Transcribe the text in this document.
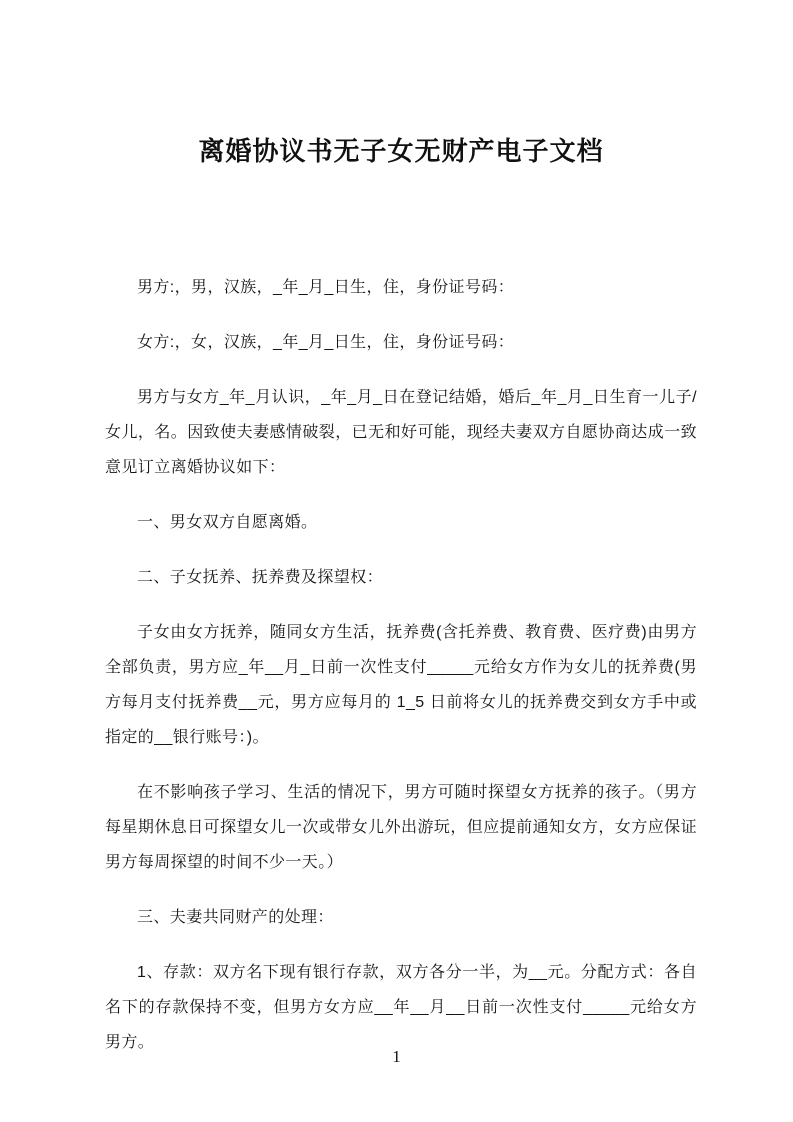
离婚协议书无子女无财产电子文档

男方:，男，汉族，_年_月_日生，住，身份证号码：

女方:，女，汉族，_年_月_日生，住，身份证号码：

男方与女方_年_月认识，_年_月_日在登记结婚，婚后_年_月_日生育一儿子/女儿，名。因致使夫妻感情破裂，已无和好可能，现经夫妻双方自愿协商达成一致意见订立离婚协议如下：

一、男女双方自愿离婚。

二、子女抚养、抚养费及探望权：

子女由女方抚养，随同女方生活，抚养费(含托养费、教育费、医疗费)由男方全部负责，男方应_年__月_日前一次性支付_____元给女方作为女儿的抚养费(男方每月支付抚养费__元，男方应每月的 1_5 日前将女儿的抚养费交到女方手中或指定的__银行账号：)。

在不影响孩子学习、生活的情况下，男方可随时探望女方抚养的孩子。（男方每星期休息日可探望女儿一次或带女儿外出游玩，但应提前通知女方，女方应保证男方每周探望的时间不少一天。）

三、夫妻共同财产的处理：

1、存款：双方名下现有银行存款，双方各分一半，为__元。分配方式：各自名下的存款保持不变，但男方女方应__年__月__日前一次性支付_____元给女方男方。

1
